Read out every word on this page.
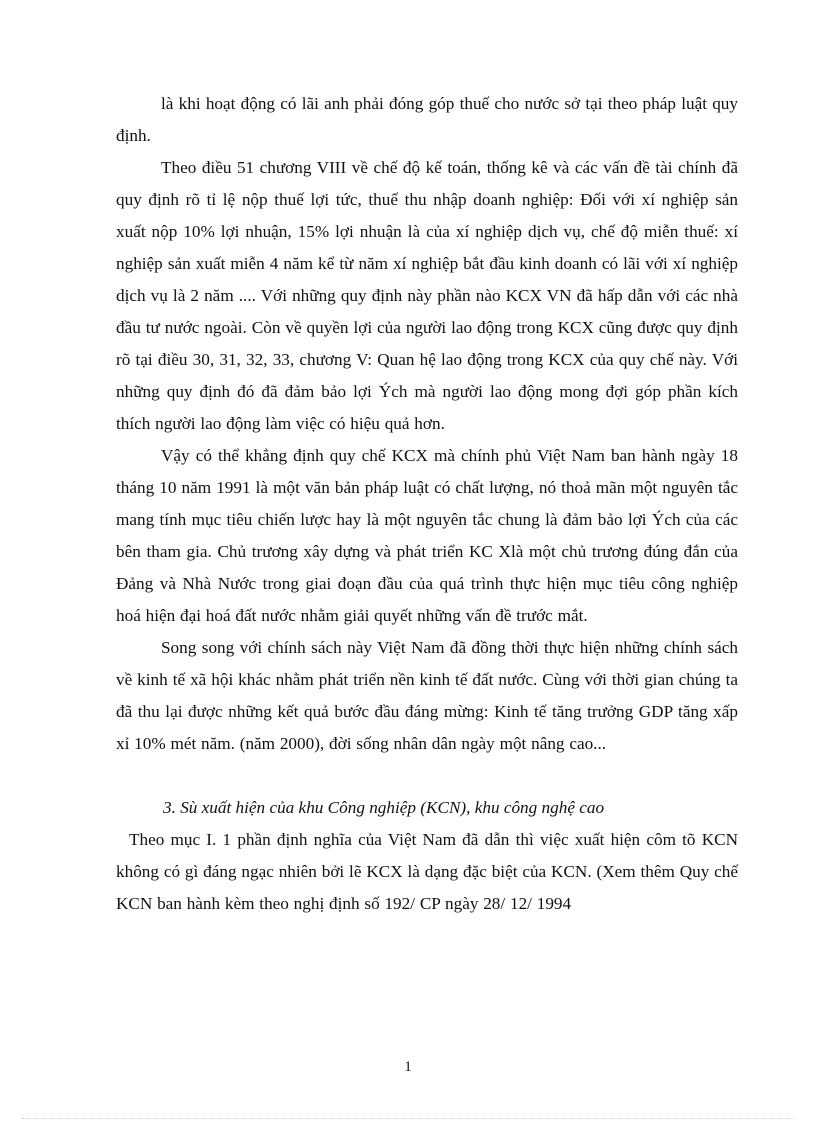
là khi hoạt động có lãi anh phải đóng góp thuế cho nước sở tại theo pháp luật quy định.

Theo điều 51 chương VIII về chế độ kế toán, thống kê và các vấn đề tài chính đã quy định rõ tỉ lệ nộp thuế lợi tức, thuế thu nhập doanh nghiệp: Đối với xí nghiệp sản xuất nộp 10% lợi nhuận, 15% lợi nhuận là của xí nghiệp dịch vụ, chế độ miễn thuế: xí nghiệp sản xuất miễn 4 năm kể từ năm xí nghiệp bắt đầu kinh doanh có lãi với xí nghiệp dịch vụ là 2 năm .... Với những quy định này phần nào KCX VN đã hấp dẫn với các nhà đầu tư nước ngoài. Còn về quyền lợi của người lao động trong KCX cũng được quy định rõ tại điều 30, 31, 32, 33, chương V: Quan hệ lao động trong KCX của quy chế này. Với những quy định đó đã đảm bảo lợi Ých mà người lao động mong đợi góp phần kích thích người lao động làm việc có hiệu quả hơn.

Vậy có thể khẳng định quy chế KCX mà chính phủ Việt Nam ban hành ngày 18 tháng 10 năm 1991 là một văn bản pháp luật có chất lượng, nó thoả mãn một nguyên tắc mang tính mục tiêu chiến lược hay là một nguyên tắc chung là đảm bảo lợi Ých của các bên tham gia. Chủ trương xây dựng và phát triển KC Xlà một chủ trương đúng đắn của Đảng và Nhà Nước trong giai đoạn đầu của quá trình thực hiện mục tiêu công nghiệp hoá hiện đại hoá đất nước nhằm giải quyết những vấn đề trước mắt.

Song song với chính sách này Việt Nam đã đồng thời thực hiện những chính sách về kinh tế xã hội khác nhằm phát triển nền kinh tế đất nước. Cùng với thời gian chúng ta đã thu lại được những kết quả bước đầu đáng mừng: Kinh tế tăng trưởng GDP tăng xấp xỉ 10% mét năm. (năm 2000), đời sống nhân dân ngày một nâng cao...

3. Sù xuất hiện của khu Công nghiệp (KCN), khu công nghệ cao

Theo mục I. 1 phần định nghĩa của Việt Nam đã dẫn thì việc xuất hiện côm tõ KCN không có gì đáng ngạc nhiên bởi lẽ KCX là dạng đặc biệt của KCN. (Xem thêm Quy chế KCN ban hành kèm theo nghị định số 192/ CP ngày 28/ 12/ 1994

1
